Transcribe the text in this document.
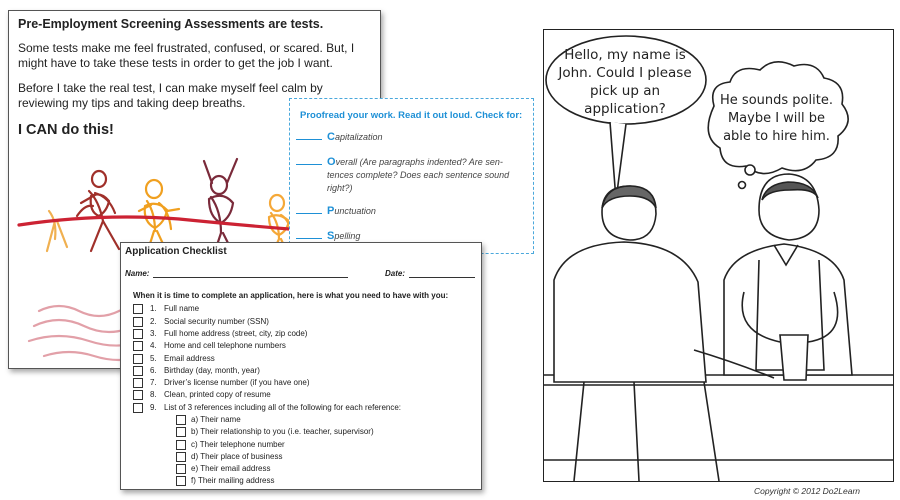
Pre-Employment Screening Assessments are tests.
Some tests make me feel frustrated, confused, or scared. But, I might have to take these tests in order to get the job I want.
Before I take the real test, I can make myself feel calm by reviewing my tips and taking deep breaths.
I CAN do this!
Proofread your work. Read it out loud. Check for:
Capitalization
Overall (Are paragraphs indented? Are sen-
tences complete? Does each sentence sound right?)
Punctuation
Spelling
Application Checklist
Name:	Date:
When it is time to complete an application, here is what you need to have with you:
1. Full name
2. Social security number (SSN)
3. Full home address (street, city, zip code)
4. Home and cell telephone numbers
5. Email address
6. Birthday (day, month, year)
7. Driver’s license number (if you have one)
8. Clean, printed copy of resume
9. List of 3 references including all of the following for each reference:
a) Their name
b) Their relationship to you (i.e. teacher, supervisor)
c) Their telephone number
d) Their place of business
e) Their email address
f) Their mailing address
Hello, my name is John. Could I please pick up an application?
He sounds polite. Maybe I will be able to hire him.
Copyright © 2012 Do2Learn
